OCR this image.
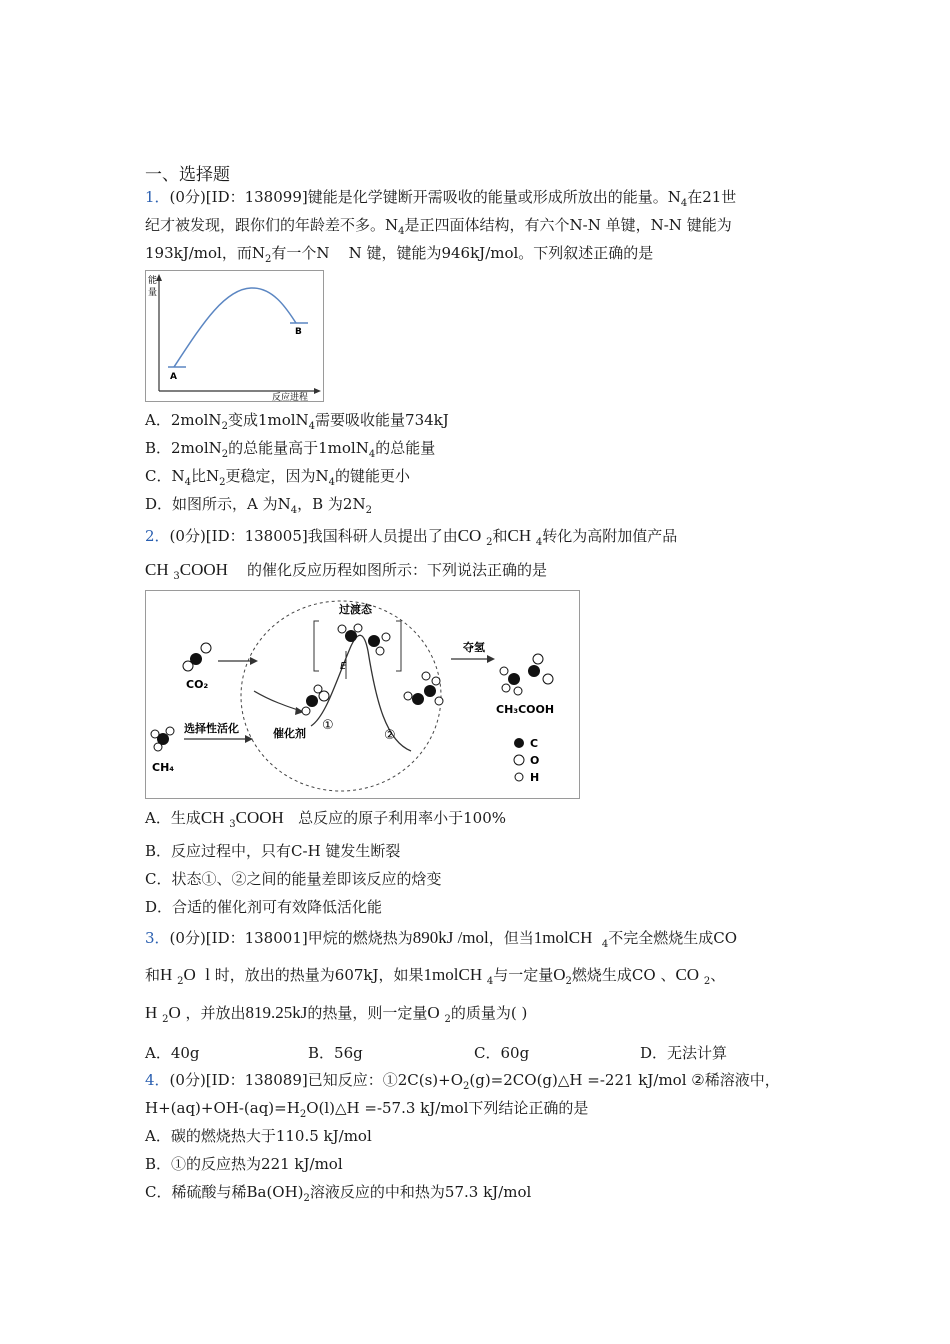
一、选择题
1．(0分)[ID：138099]键能是化学键断开需吸收的能量或形成所放出的能量。$N_4$在21世
纪才被发现，跟你们的年龄差不多。$N_4$是正四面体结构，有六个N-N 单键，N-N 键能为
193kJ/mol，而$N_2$有一个N N 键，键能为946kJ/mol。下列叙述正确的是
能
量
反应进程
A
B
A．2molN$_2$变成1molN$_4$需要吸收能量734kJ
B．2molN$_2$的总能量高于1molN$_4$的总能量
C．$N_4$比$N_2$更稳定，因为$N_4$的键能更小
D．如图所示，A 为$N_4$，B 为$2N_2$
2．(0分)[ID：138005]我国科研人员提出了由CO $_2$和CH $_4$转化为高附加值产品
CH $_3$COOH 的催化反应历程如图所示：下列说法正确的是
CO₂
CH₄
选择性活化	催化剂
①
过渡态
E
②
夺氢
CH₃COOH
C
O
H
A．生成CH $_3$COOH 总反应的原子利用率小于100%
B．反应过程中，只有C-H 键发生断裂
C．状态①、②之间的能量差即该反应的焓变
D．合适的催化剂可有效降低活化能
3．(0分)[ID：138001]甲烷的燃烧热为890kJ /mol，但当1molCH $_4$不完全燃烧生成CO
和H $_2$O l 时，放出的热量为607kJ，如果1molCH $_4$与一定量$O_2$燃烧生成CO 、CO $_2$、
H $_2$O ，并放出819.25kJ的热量，则一定量O $_2$的质量为( )
A．40g	B．56g	C．60g	D．无法计算
4．(0分)[ID：138089]已知反应：$①2C(s)+O_2(g)=2CO(g)\triangle H =-221$ kJ/mol ②稀溶液中，
$H+(aq)+OH-(aq)=H_2O(l)\triangle H =-57.3$ kJ/mol下列结论正确的是
A．碳的燃烧热大于110.5 kJ/mol
B．①的反应热为221 kJ/mol
C．稀硫酸与稀$Ba(OH)_2$溶液反应的中和热为57.3 kJ/mol
